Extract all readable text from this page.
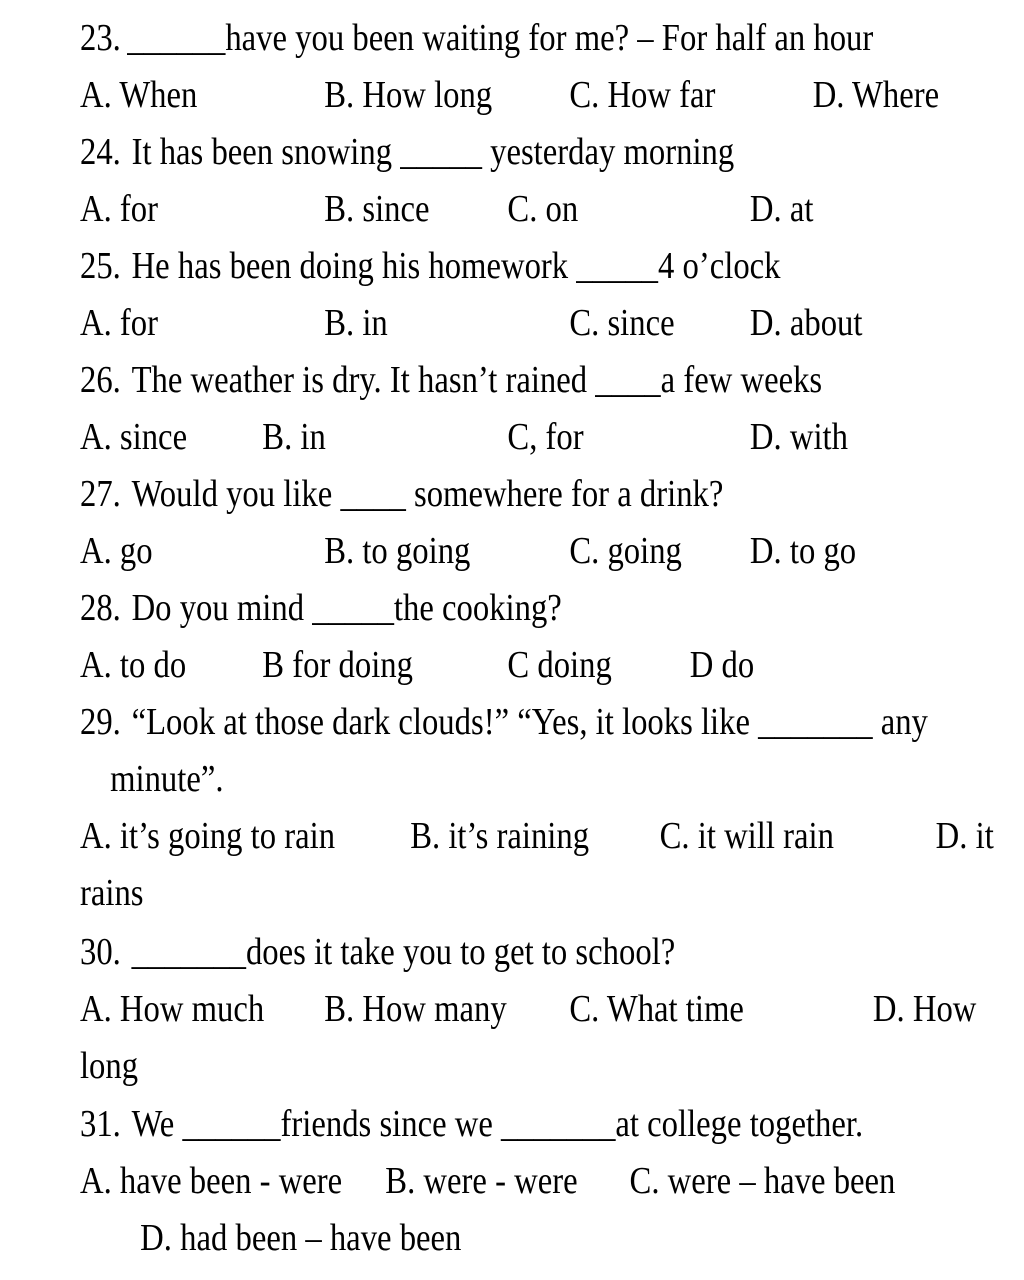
23. ______have you been waiting for me? – For half an hour
A. When	B. How long C. How far	D. Where
24. It has been snowing _____ yesterday morning
A. for	B. since C. on	D. at
25. He has been doing his homework _____4 o’clock
A. for	B. in	C. since D. about
26. The weather is dry. It hasn’t rained ____a few weeks
A. since B. in	C, for	D. with
27. Would you like ____ somewhere for a drink?
A. go	B. to going	C. going D. to go
28. Do you mind _____the cooking?
A. to do B for doing C doing D do
29. “Look at those dark clouds!” “Yes, it looks like _______ any
minute”.
A. it’s going to rain B. it’s raining C. it will rain	D. it
rains
30. _______does it take you to get to school?
A. How much B. How many C. What time	D. How
long
31. We ______friends since we _______at college together.
A. have been - were B. were - were C. were – have been
D. had been – have been
